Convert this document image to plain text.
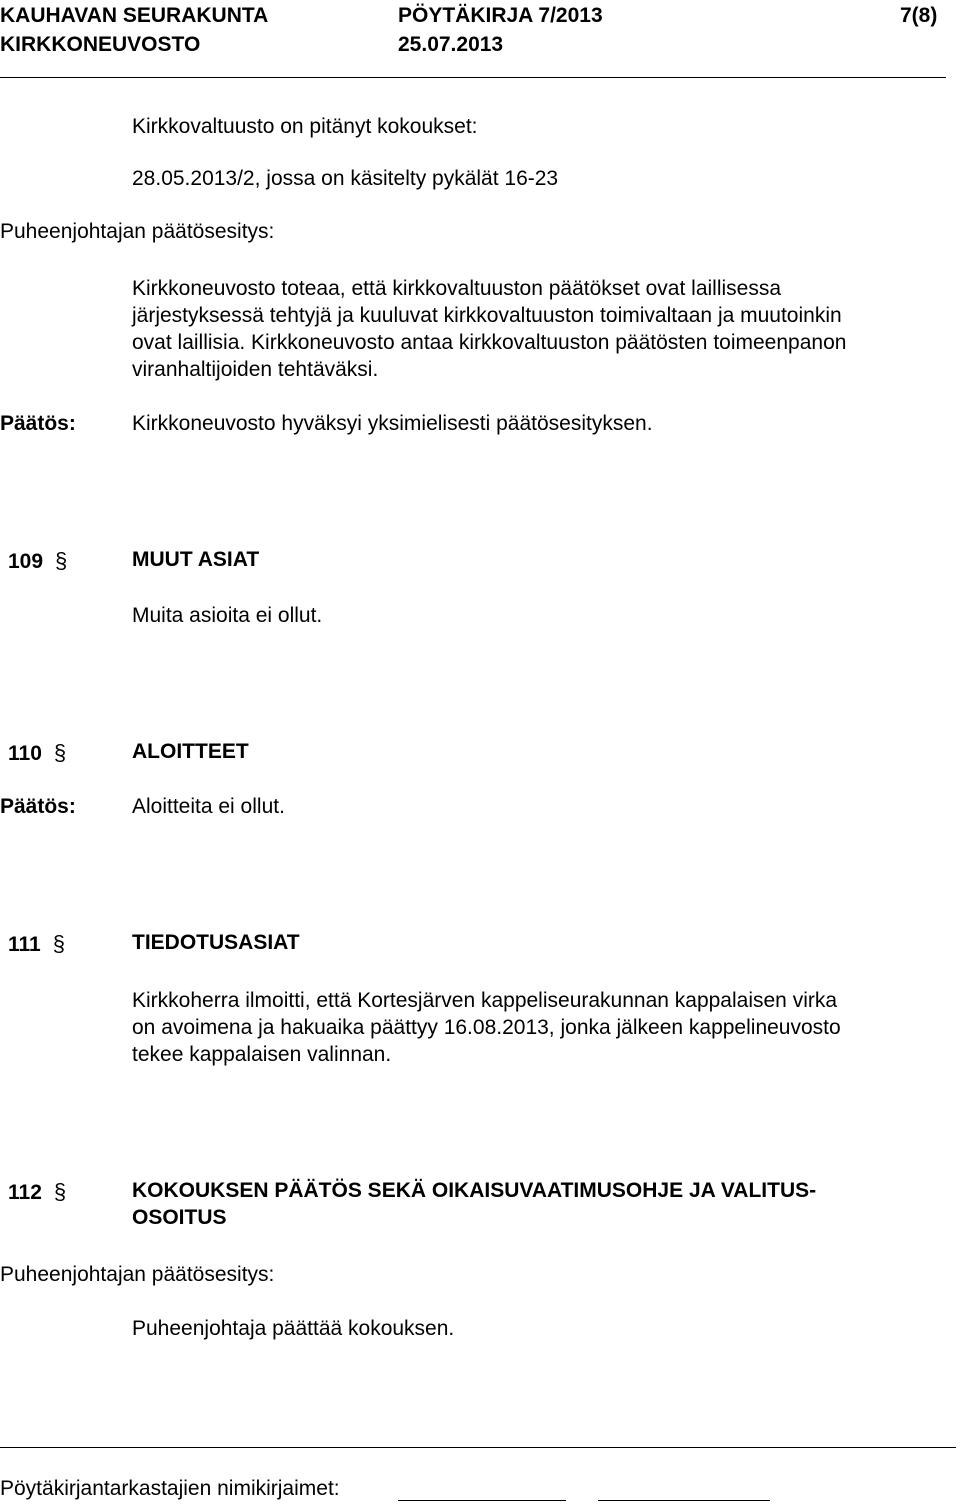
KAUHAVAN SEURAKUNTA	PÖYTÄKIRJA 7/2013	7(8)
KIRKKONEUVOSTO	25.07.2013
Kirkkovaltuusto on pitänyt kokoukset:
28.05.2013/2, jossa on käsitelty pykälät 16-23
Puheenjohtajan päätösesitys:
Kirkkoneuvosto toteaa, että kirkkovaltuuston päätökset ovat laillisessa
järjestyksessä tehtyjä ja kuuluvat kirkkovaltuuston toimivaltaan ja muutoinkin
ovat laillisia. Kirkkoneuvosto antaa kirkkovaltuuston päätösten toimeenpanon
viranhaltijoiden tehtäväksi.
Päätös:	Kirkkoneuvosto hyväksyi yksimielisesti päätösesityksen.
109 §	MUUT ASIAT
Muita asioita ei ollut.
110 §	ALOITTEET
Päätös:	Aloitteita ei ollut.
111 §	TIEDOTUSASIAT
Kirkkoherra ilmoitti, että Kortesjärven kappeliseurakunnan kappalaisen virka
on avoimena ja hakuaika päättyy 16.08.2013, jonka jälkeen kappelineuvosto
tekee kappalaisen valinnan.
112 §	KOKOUKSEN PÄÄTÖS SEKÄ OIKAISUVAATIMUSOHJE JA VALITUS-
OSOITUS
Puheenjohtajan päätösesitys:
Puheenjohtaja päättää kokouksen.
Pöytäkirjantarkastajien nimikirjaimet:
